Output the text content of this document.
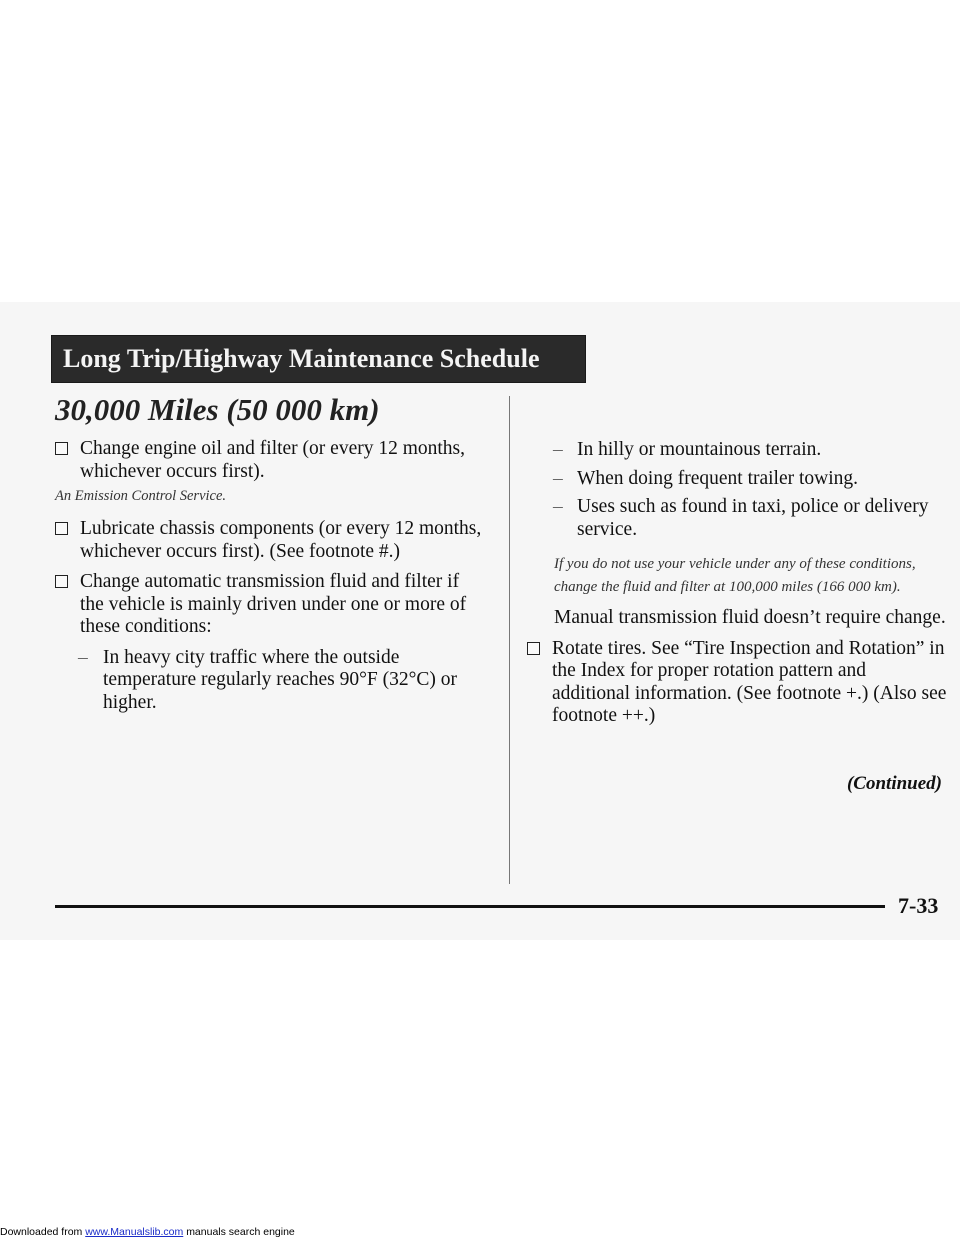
Long Trip/Highway Maintenance Schedule
30,000 Miles (50 000 km)
Change engine oil and filter (or every 12 months, whichever occurs first).
An Emission Control Service.
Lubricate chassis components (or every 12 months, whichever occurs first). (See footnote #.)
Change automatic transmission fluid and filter if the vehicle is mainly driven under one or more of these conditions:
– In heavy city traffic where the outside temperature regularly reaches 90°F (32°C) or higher.
– In hilly or mountainous terrain.
– When doing frequent trailer towing.
– Uses such as found in taxi, police or delivery service.
If you do not use your vehicle under any of these conditions, change the fluid and filter at 100,000 miles (166 000 km).
Manual transmission fluid doesn’t require change.
Rotate tires. See “Tire Inspection and Rotation” in the Index for proper rotation pattern and additional information. (See footnote +.) (Also see footnote ++.)
(Continued)
7-33
Downloaded from www.Manualslib.com manuals search engine
